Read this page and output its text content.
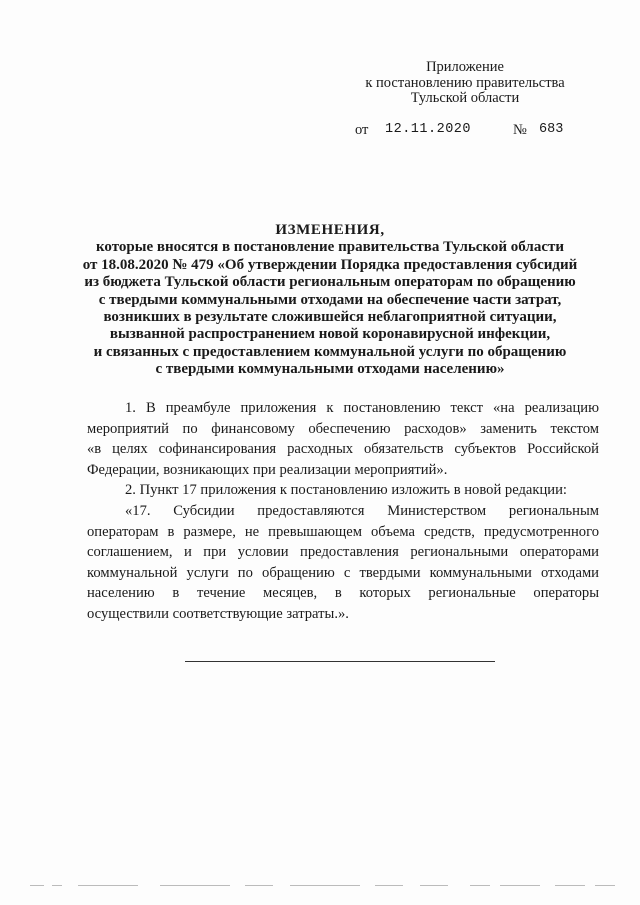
Приложение
к постановлению правительства
Тульской области
от 12.11.2020	№ 683
ИЗМЕНЕНИЯ,
которые вносятся в постановление правительства Тульской области
от 18.08.2020 № 479 «Об утверждении Порядка предоставления субсидий
из бюджета Тульской области региональным операторам по обращению
с твердыми коммунальными отходами на обеспечение части затрат,
возникших в результате сложившейся неблагоприятной ситуации,
вызванной распространением новой коронавирусной инфекции,
и связанных с предоставлением коммунальной услуги по обращению
с твердыми коммунальными отходами населению»
1. В преамбуле приложения к постановлению текст «на реализацию
мероприятий по финансовому обеспечению расходов» заменить текстом
«в целях софинансирования расходных обязательств субъектов Российской
Федерации, возникающих при реализации мероприятий».
2. Пункт 17 приложения к постановлению изложить в новой редакции:
«17. Субсидии предоставляются Министерством региональным
операторам в размере, не превышающем объема средств, предусмотренного
соглашением, и при условии предоставления региональными операторами
коммунальной услуги по обращению с твердыми коммунальными отходами
населению в течение месяцев, в которых региональные операторы
осуществили соответствующие затраты.».
